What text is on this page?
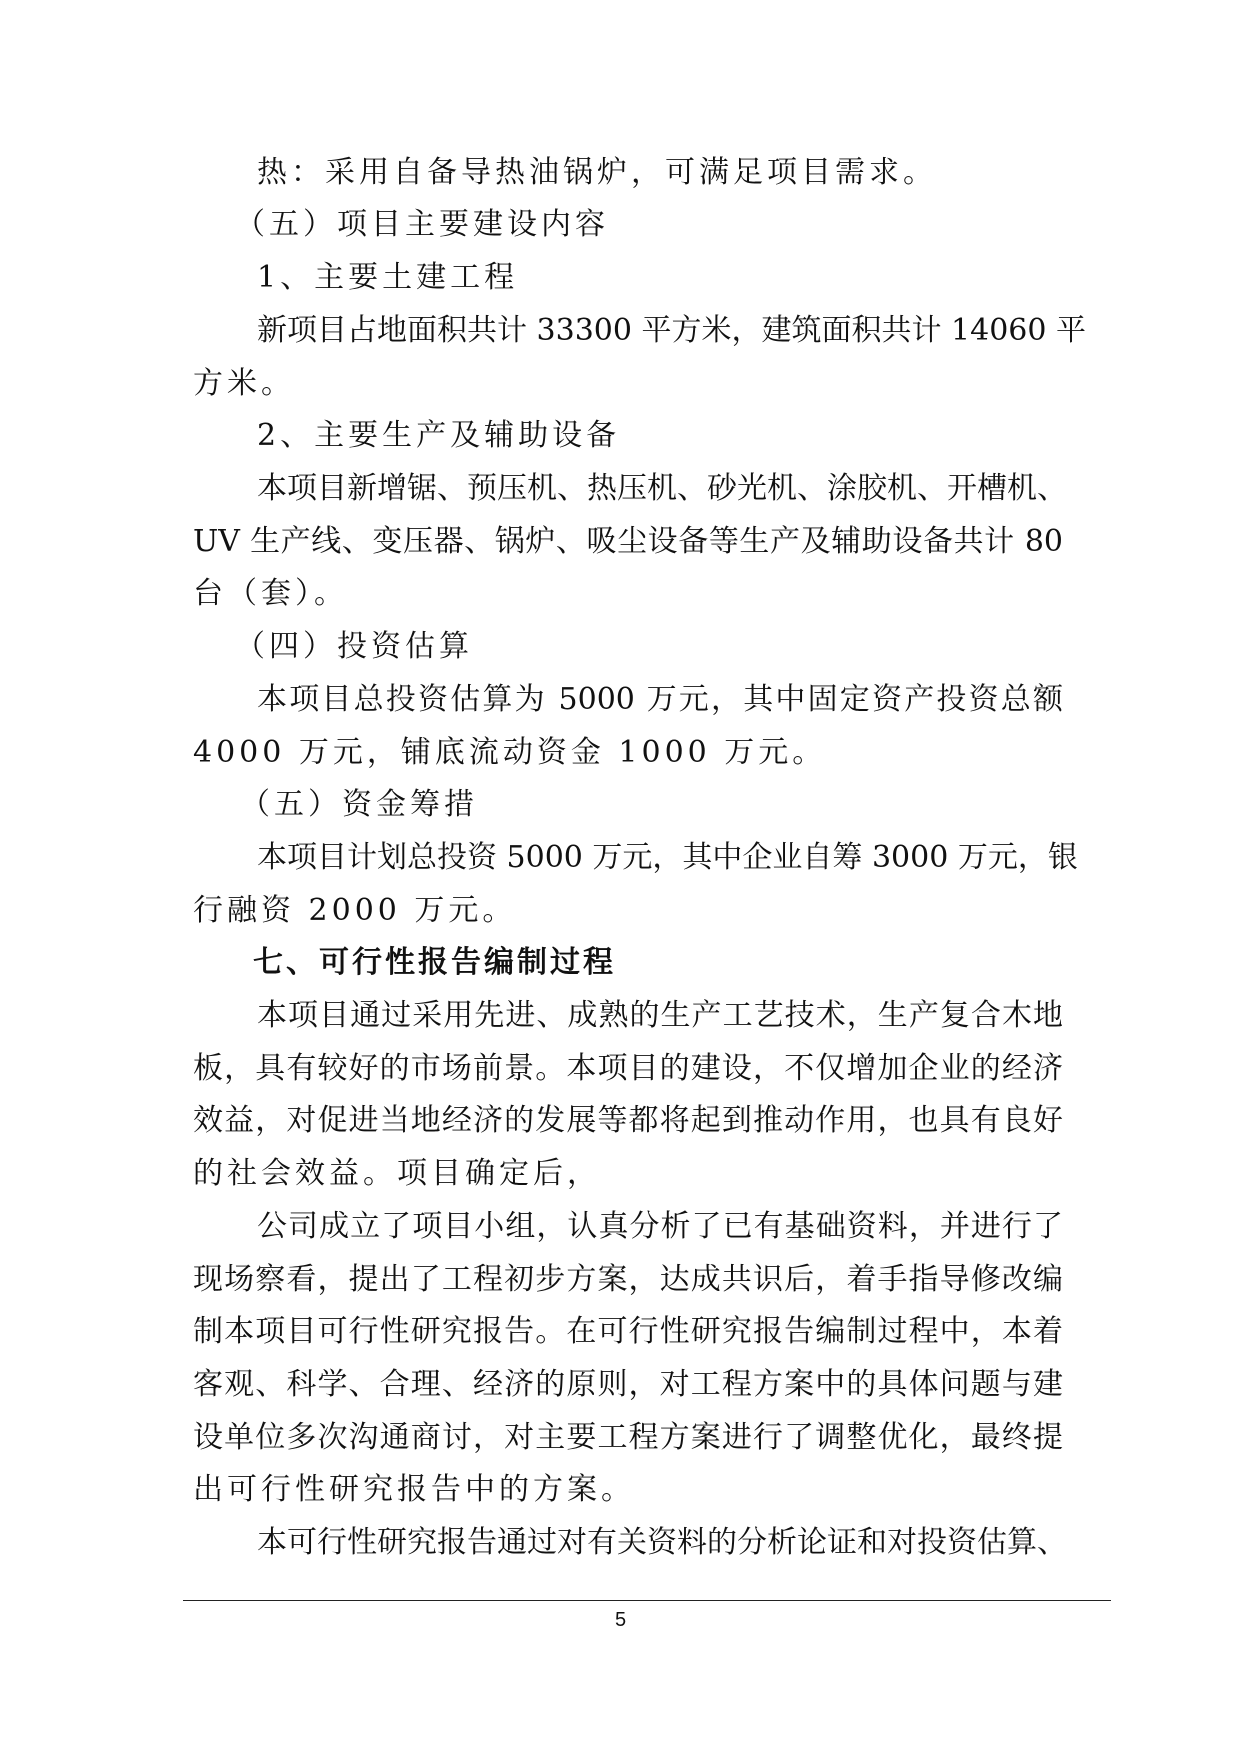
热：采用自备导热油锅炉，可满足项目需求。
（五）项目主要建设内容
1、主要土建工程
新项目占地面积共计 33300 平方米，建筑面积共计 14060 平
方米。
2、主要生产及辅助设备
本项目新增锯、预压机、热压机、砂光机、涂胶机、开槽机、
UV 生产线、变压器、锅炉、吸尘设备等生产及辅助设备共计 80
台（套）。
（四）投资估算
本项目总投资估算为 5000 万元，其中固定资产投资总额
4000 万元，铺底流动资金 1000 万元。
（五）资金筹措
本项目计划总投资 5000 万元，其中企业自筹 3000 万元，银
行融资 2000 万元。
七、可行性报告编制过程
本项目通过采用先进、成熟的生产工艺技术，生产复合木地
板，具有较好的市场前景。本项目的建设，不仅增加企业的经济
效益，对促进当地经济的发展等都将起到推动作用，也具有良好
的社会效益。项目确定后，
公司成立了项目小组，认真分析了已有基础资料，并进行了
现场察看，提出了工程初步方案，达成共识后，着手指导修改编
制本项目可行性研究报告。在可行性研究报告编制过程中，本着
客观、科学、合理、经济的原则，对工程方案中的具体问题与建
设单位多次沟通商讨，对主要工程方案进行了调整优化，最终提
出可行性研究报告中的方案。
本可行性研究报告通过对有关资料的分析论证和对投资估算、
5
